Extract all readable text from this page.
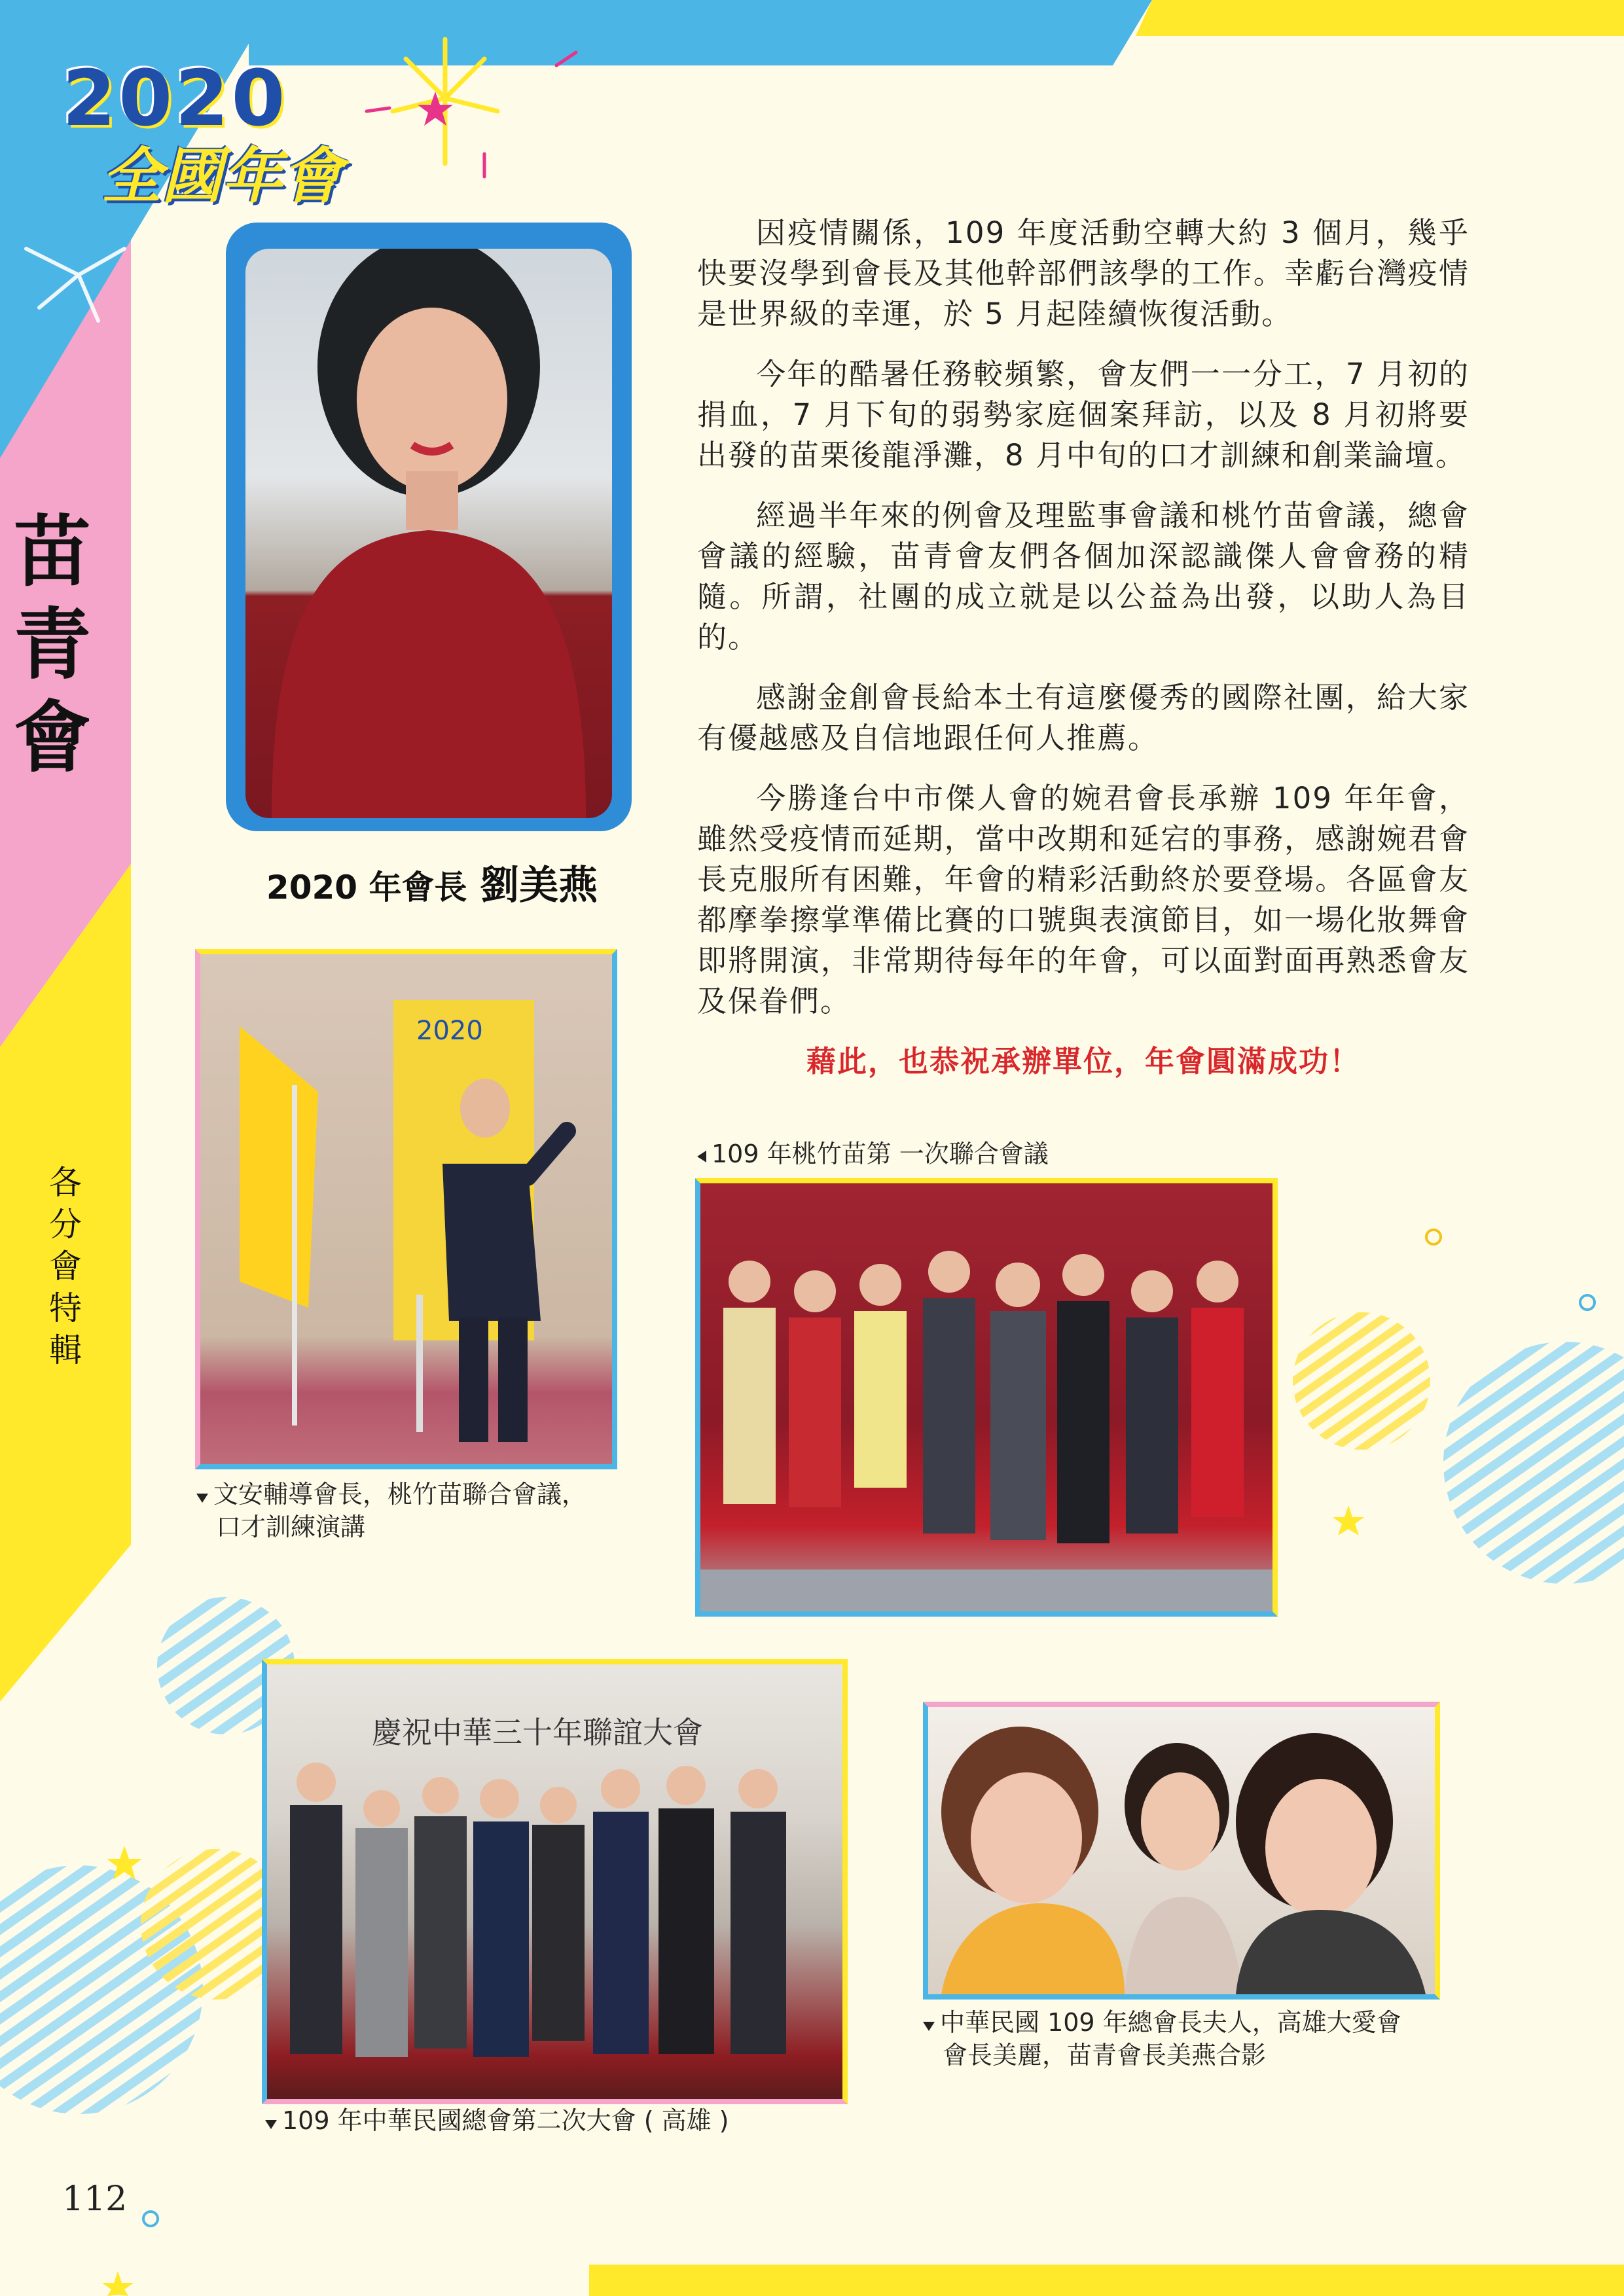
2020
全國年會
苗青會
各分會特輯
2020 年會長 劉美燕

因疫情關係，109 年度活動空轉大約 3 個月，幾乎快要沒學到會長及其他幹部們該學的工作。幸虧台灣疫情是世界級的幸運，於 5 月起陸續恢復活動。

今年的酷暑任務較頻繁，會友們一一分工，7 月初的捐血，7 月下旬的弱勢家庭個案拜訪，以及 8 月初將要出發的苗栗後龍淨灘，8 月中旬的口才訓練和創業論壇。

經過半年來的例會及理監事會議和桃竹苗會議，總會會議的經驗，苗青會友們各個加深認識傑人會會務的精隨。所謂，社團的成立就是以公益為出發，以助人為目的。

感謝金創會長給本土有這麼優秀的國際社團，給大家有優越感及自信地跟任何人推薦。

今勝逢台中市傑人會的婉君會長承辦 109 年年會，雖然受疫情而延期，當中改期和延宕的事務，感謝婉君會長克服所有困難，年會的精彩活動終於要登場。各區會友都摩拳擦掌準備比賽的口號與表演節目，如一場化妝舞會即將開演，非常期待每年的年會，可以面對面再熟悉會友及保眷們。

藉此，也恭祝承辦單位，年會圓滿成功！

2020
文安輔導會長，桃竹苗聯合會議，
口才訓練演講
109 年桃竹苗第 一次聯合會議
慶祝中華三十年聯誼大會
109 年中華民國總會第二次大會 ( 高雄 )
中華民國 109 年總會長夫人，高雄大愛會
會長美麗，苗青會長美燕合影
112
